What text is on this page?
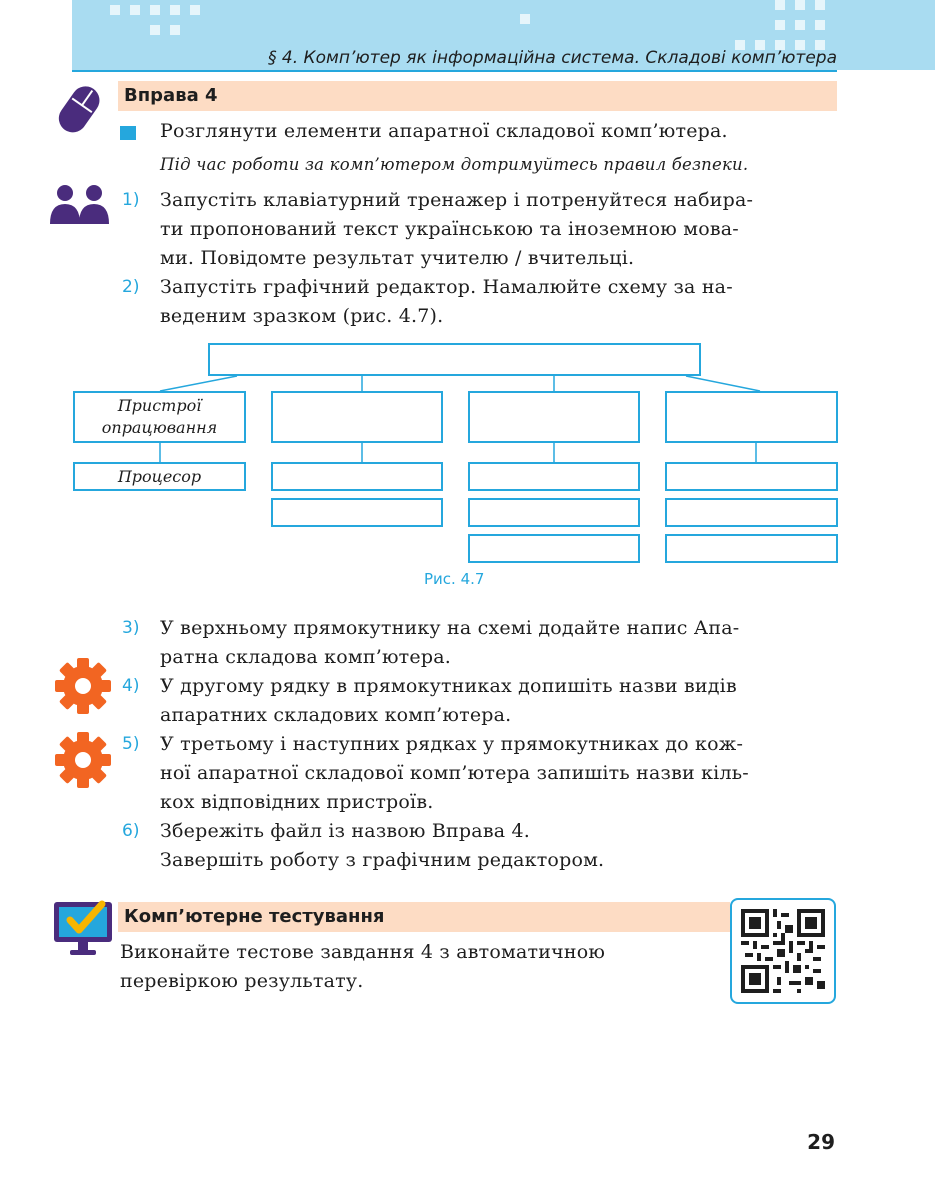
§ 4. Комп’ютер як інформаційна система. Складові комп’ютера
Вправа 4
Розглянути елементи апаратної складової комп’ютера.
Під час роботи за комп’ютером дотримуйтесь правил безпеки.
1) Запустіть клавіатурний тренажер і потренуйтеся набира-
ти пропонований текст українською та іноземною мова-
ми. Повідомте результат учителю / вчительці.
2) Запустіть графічний редактор. Намалюйте схему за на-
веденим зразком (рис. 4.7).
Пристрої
опрацювання
Процесор
Рис. 4.7
3) У верхньому прямокутнику на схемі додайте напис Апа-
ратна складова комп’ютера.
4) У другому рядку в прямокутниках допишіть назви видів
апаратних складових комп’ютера.
5) У третьому і наступних рядках у прямокутниках до кож-
ної апаратної складової комп’ютера запишіть назви кіль-
кох відповідних пристроїв.
6) Збережіть файл із назвою Вправа 4.
Завершіть роботу з графічним редактором.
Комп’ютерне тестування
Виконайте тестове завдання 4 з автоматичною
перевіркою результату.
29
